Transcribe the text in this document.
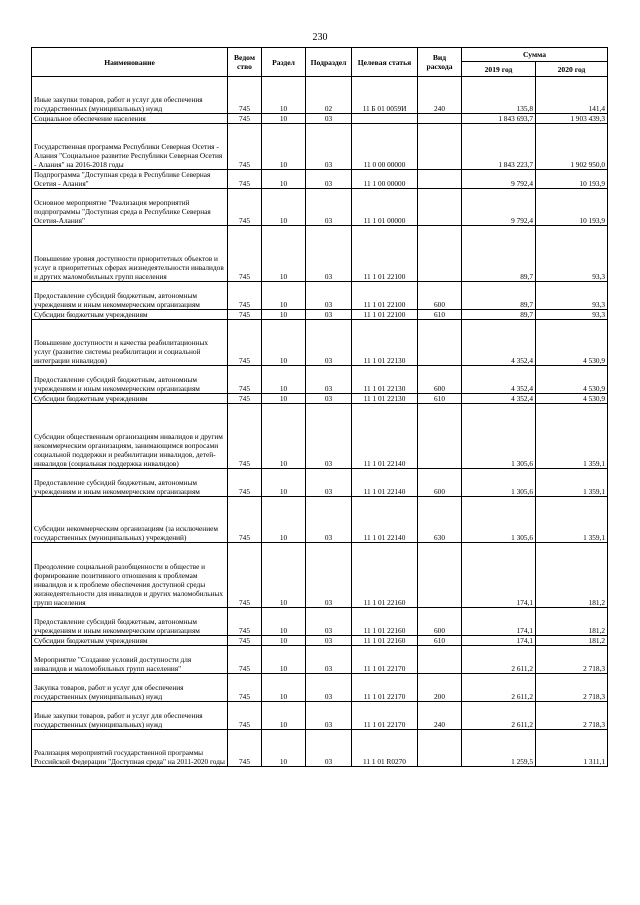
230
Наименование	Ведом ство	Раздел	Подраздел	Целевая статья	Вид расхода	Сумма	
						2019 год	2020 год
Иные закупки товаров, работ и услуг для обеспечения государственных (муниципальных) нужд	745	10	02	11 Б 01 0059И	240	135,8	141,4
Социальное обеспечение населения	745	10	03			1 843 693,7	1 903 439,3
Государственная программа Республики Северная Осетия - Алания "Социальное развитие Республики Северная Осетия - Алания" на 2016-2018 годы	745	10	03	11 0 00 00000		1 843 223,7	1 902 950,0
Подпрограмма "Доступная среда в Республике Северная Осетия - Алания"	745	10	03	11 1 00 00000		9 792,4	10 193,9
Основное мероприятие "Реализация мероприятий подпрограммы "Доступная среда в Республике Северная Осетия-Алания"	745	10	03	11 1 01 00000		9 792,4	10 193,9
Повышение уровня доступности приоритетных объектов и услуг в приоритетных сферах жизнедеятельности инвалидов и других маломобильных групп населения	745	10	03	11 1 01 22100		89,7	93,3
Предоставление субсидий бюджетным, автономным учреждениям и иным некоммерческим организациям	745	10	03	11 1 01 22100	600	89,7	93,3
Субсидии бюджетным учреждениям	745	10	03	11 1 01 22100	610	89,7	93,3
Повышение доступности и качества реабилитационных услуг (развитие системы реабилитации и социальной интеграции инвалидов)	745	10	03	11 1 01 22130		4 352,4	4 530,9
Предоставление субсидий бюджетным, автономным учреждениям и иным некоммерческим организациям	745	10	03	11 1 01 22130	600	4 352,4	4 530,9
Субсидии бюджетным учреждениям	745	10	03	11 1 01 22130	610	4 352,4	4 530,9
Субсидии общественным организациям инвалидов и другим некоммерческим организациям, занимающимся вопросами социальной поддержки и реабилитации инвалидов, детей-инвалидов (социальная поддержка инвалидов)	745	10	03	11 1 01 22140		1 305,6	1 359,1
Предоставление субсидий бюджетным, автономным учреждениям и иным некоммерческим организациям	745	10	03	11 1 01 22140	600	1 305,6	1 359,1
Субсидии некоммерческим организациям (за исключением государственных (муниципальных) учреждений)	745	10	03	11 1 01 22140	630	1 305,6	1 359,1
Преодоление социальной разобщенности в обществе и формирование позитивного отношения к проблемам инвалидов и к проблеме обеспечения доступной среды жизнедеятельности для инвалидов и других маломобильных групп населения	745	10	03	11 1 01 22160		174,1	181,2
Предоставление субсидий бюджетным, автономным учреждениям и иным некоммерческим организациям	745	10	03	11 1 01 22160	600	174,1	181,2
Субсидии бюджетным учреждениям	745	10	03	11 1 01 22160	610	174,1	181,2
Мероприятие "Создание условий доступности для инвалидов и маломобильных групп населения"	745	10	03	11 1 01 22170		2 611,2	2 718,3
Закупка товаров, работ и услуг для обеспечения государственных (муниципальных) нужд	745	10	03	11 1 01 22170	200	2 611,2	2 718,3
Иные закупки товаров, работ и услуг для обеспечения государственных (муниципальных) нужд	745	10	03	11 1 01 22170	240	2 611,2	2 718,3
Реализация мероприятий государственной программы Российской Федерации "Доступная среда" на 2011-2020 годы	745	10	03	11 1 01 R0270		1 259,5	1 311,1
